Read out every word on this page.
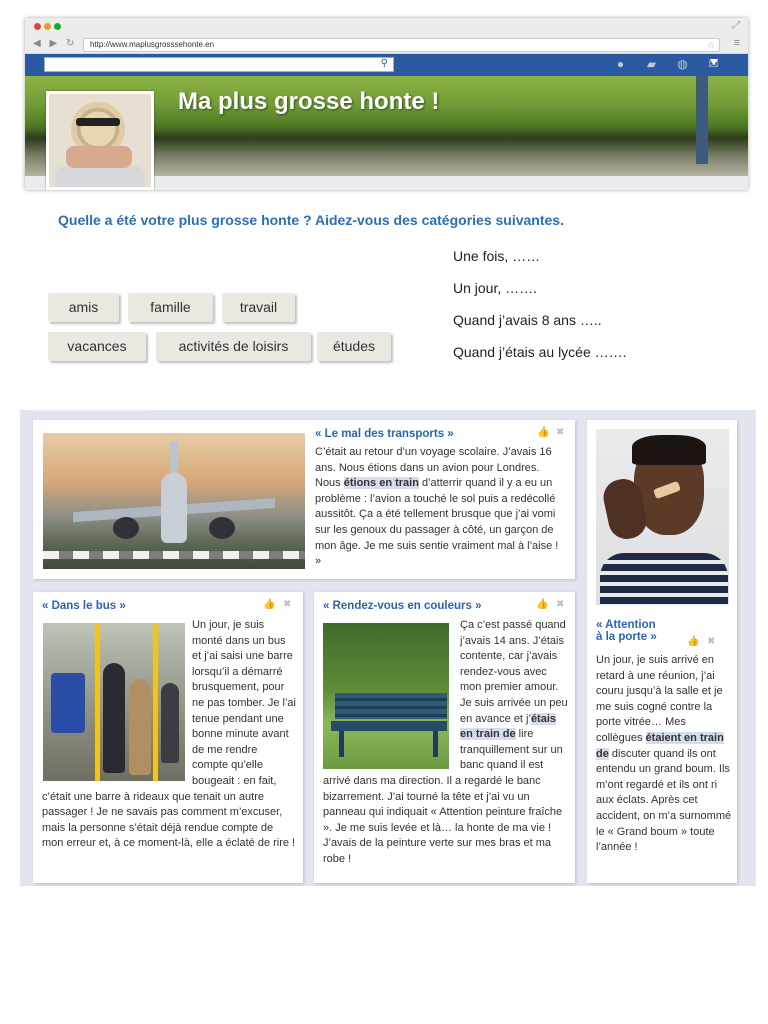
⤢
◀ ▶ ↻	http://www.maplusgrosssehonte.en	☆ ≡
⚲	●	▰	◍ ✉
Ma plus grosse honte !
Quelle a été votre plus grosse honte ? Aidez-vous des catégories suivantes.
amis	famille	travail
vacances	activités de loisirs	études
Une fois, ……
Un jour, …….
Quand j’avais 8 ans …..
Quand j’étais au lycée …….
« Le mal des transports »	👍 ✖
C’était au retour d’un voyage scolaire. J’avais 16 ans. Nous étions dans un avion pour Londres. Nous étions en train d’atterrir quand il y a eu un problème : l’avion a touché le sol puis a redécollé aussitôt. Ça a été tellement brusque que j’ai vomi sur les genoux du passager à côté, un garçon de mon âge. Je me suis sentie vraiment mal à l’aise ! »
« Dans le bus »	👍 ✖
Un jour, je suis monté dans un bus et j’ai saisi une barre lorsqu’il a démarré brusquement, pour ne pas tomber. Je l’ai tenue pendant une bonne minute avant de me rendre compte qu’elle bougeait : en fait, c’était une barre à rideaux que tenait un autre passager ! Je ne savais pas comment m’excuser, mais la personne s’était déjà rendue compte de mon erreur et, à ce moment-là, elle a éclaté de rire !
« Rendez-vous en couleurs »	👍 ✖
Ça c’est passé quand j’avais 14 ans. J’étais contente, car j’avais rendez-vous avec mon premier amour. Je suis arrivée un peu en avance et j’étais en train de lire tranquillement sur un banc quand il est arrivé dans ma direction. Il a regardé le banc bizarrement. J’ai tourné la tête et j’ai vu un panneau qui indiquait « Attention peinture fraîche ». Je me suis levée et là… la honte de ma vie ! J’avais de la peinture verte sur mes bras et ma robe !
« Attention
à la porte »	👍 ✖
Un jour, je suis arrivé en retard à une réunion, j’ai couru jusqu’à la salle et je me suis cogné contre la porte vitrée… Mes collègues étaient en train de discuter quand ils ont entendu un grand boum. Ils m’ont regardé et ils ont ri aux éclats. Après cet accident, on m’a surnommé le « Grand boum » toute l’année !
